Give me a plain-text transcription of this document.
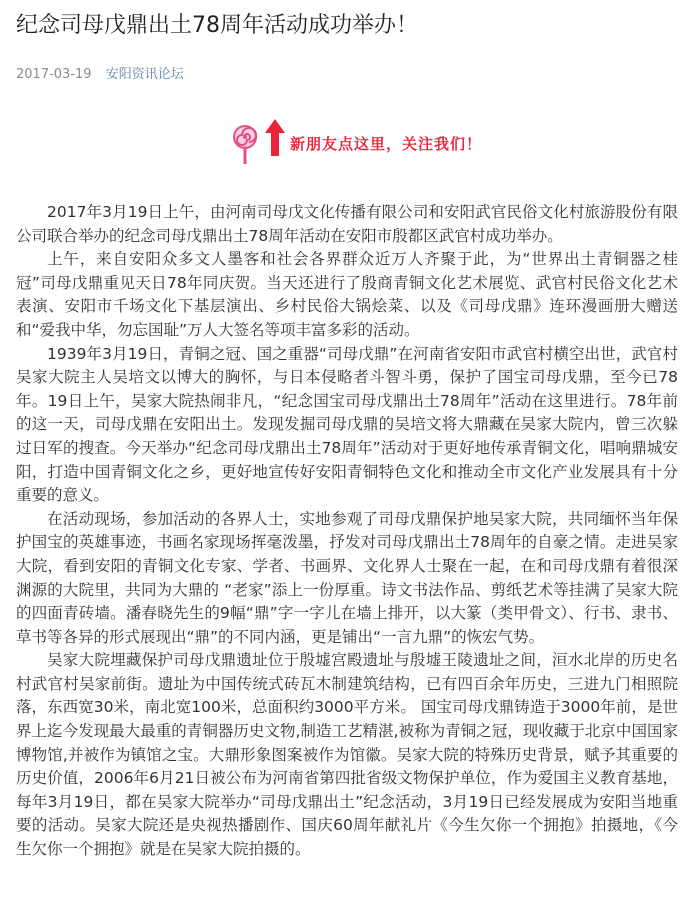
纪念司母戊鼎出土78周年活动成功举办！
2017-03-19 安阳资讯论坛
新朋友点这里，关注我们！

2017年3月19日上午，由河南司母戊文化传播有限公司和安阳武官民俗文化村旅游股份有限公司联合举办的纪念司母戊鼎出土78周年活动在安阳市殷都区武官村成功举办。

上午，来自安阳众多文人墨客和社会各界群众近万人齐聚于此，为“世界出土青铜器之桂冠”司母戊鼎重见天日78年同庆贺。当天还进行了殷商青铜文化艺术展览、武官村民俗文化艺术表演、安阳市千场文化下基层演出、乡村民俗大锅烩菜、以及《司母戊鼎》连环漫画册大赠送和“爱我中华，勿忘国耻”万人大签名等项丰富多彩的活动。

1939年3月19日，青铜之冠、国之重器“司母戊鼎”在河南省安阳市武官村横空出世，武官村吴家大院主人吴培文以博大的胸怀，与日本侵略者斗智斗勇，保护了国宝司母戊鼎，至今已78年。19日上午，吴家大院热闹非凡，“纪念国宝司母戊鼎出土78周年”活动在这里进行。78年前的这一天，司母戊鼎在安阳出土。发现发掘司母戊鼎的吴培文将大鼎藏在吴家大院内，曾三次躲过日军的搜查。今天举办“纪念司母戊鼎出土78周年”活动对于更好地传承青铜文化，唱响鼎城安阳，打造中国青铜文化之乡，更好地宣传好安阳青铜特色文化和推动全市文化产业发展具有十分重要的意义。

在活动现场，参加活动的各界人士，实地参观了司母戊鼎保护地吴家大院，共同缅怀当年保护国宝的英雄事迹，书画名家现场挥毫泼墨，抒发对司母戊鼎出土78周年的自豪之情。走进吴家大院，看到安阳的青铜文化专家、学者、书画界、文化界人士聚在一起，在和司母戊鼎有着很深渊源的大院里，共同为大鼎的 “老家”添上一份厚重。诗文书法作品、剪纸艺术等挂满了吴家大院的四面青砖墙。潘春晓先生的9幅“鼎”字一字儿在墙上排开，以大篆（类甲骨文）、行书、隶书、草书等各异的形式展现出“鼎”的不同内涵，更是铺出“一言九鼎”的恢宏气势。

吴家大院埋藏保护司母戊鼎遗址位于殷墟宫殿遗址与殷墟王陵遗址之间，洹水北岸的历史名村武官村吴家前街。遗址为中国传统式砖瓦木制建筑结构，已有四百余年历史，三进九门相照院落，东西宽30米，南北宽100米，总面积约3000平方米。 国宝司母戊鼎铸造于3000年前，是世界上迄今发现最大最重的青铜器历史文物,制造工艺精湛,被称为青铜之冠，现收藏于北京中国国家博物馆,并被作为镇馆之宝。大鼎形象图案被作为馆徽。吴家大院的特殊历史背景，赋予其重要的历史价值，2006年6月21日被公布为河南省第四批省级文物保护单位，作为爱国主义教育基地，每年3月19日，都在吴家大院举办“司母戊鼎出土”纪念活动，3月19日已经发展成为安阳当地重要的活动。吴家大院还是央视热播剧作、国庆60周年献礼片《今生欠你一个拥抱》拍摄地，《今生欠你一个拥抱》就是在吴家大院拍摄的。
